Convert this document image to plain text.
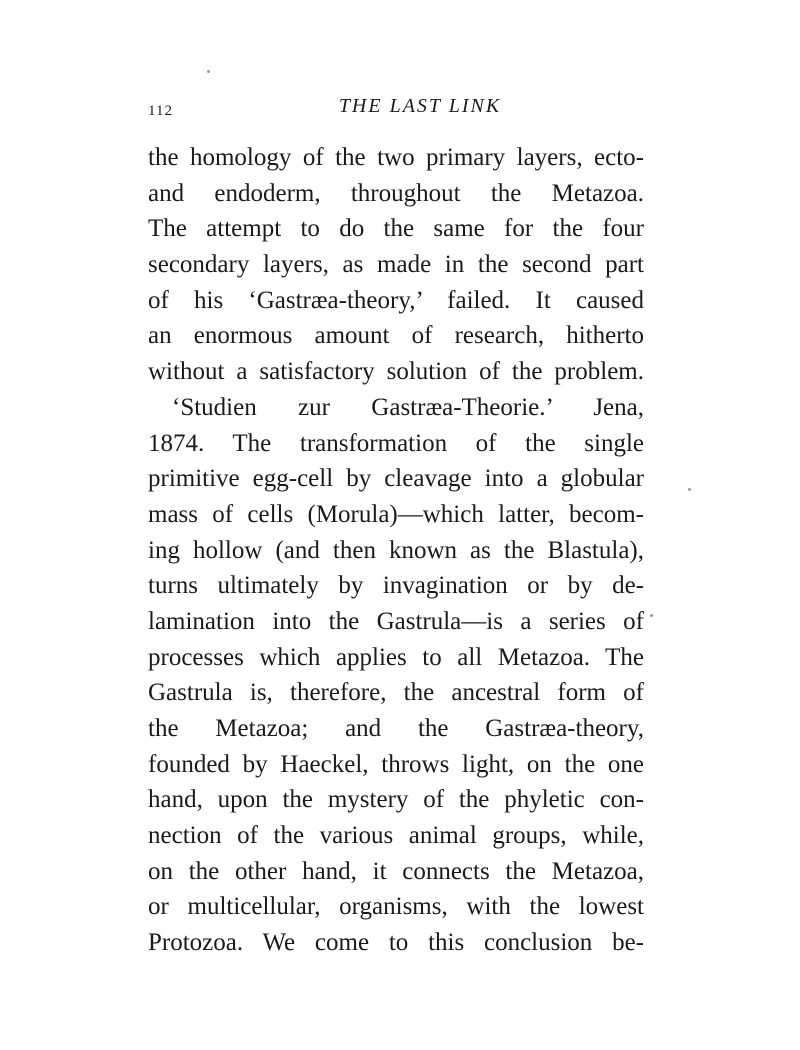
112	THE LAST LINK
the homology of the two primary layers, ecto-
and endoderm, throughout the Metazoa.
The attempt to do the same for the four
secondary layers, as made in the second part
of his ‘Gastræa-theory,’ failed. It caused
an enormous amount of research, hitherto
without a satisfactory solution of the problem.
‘Studien zur Gastræa-Theorie.’ Jena,
1874. The transformation of the single
primitive egg-cell by cleavage into a globular
mass of cells (Morula)—which latter, becom-
ing hollow (and then known as the Blastula),
turns ultimately by invagination or by de-
lamination into the Gastrula—is a series of
processes which applies to all Metazoa. The
Gastrula is, therefore, the ancestral form of
the Metazoa; and the Gastræa-theory,
founded by Haeckel, throws light, on the one
hand, upon the mystery of the phyletic con-
nection of the various animal groups, while,
on the other hand, it connects the Metazoa,
or multicellular, organisms, with the lowest
Protozoa. We come to this conclusion be-
